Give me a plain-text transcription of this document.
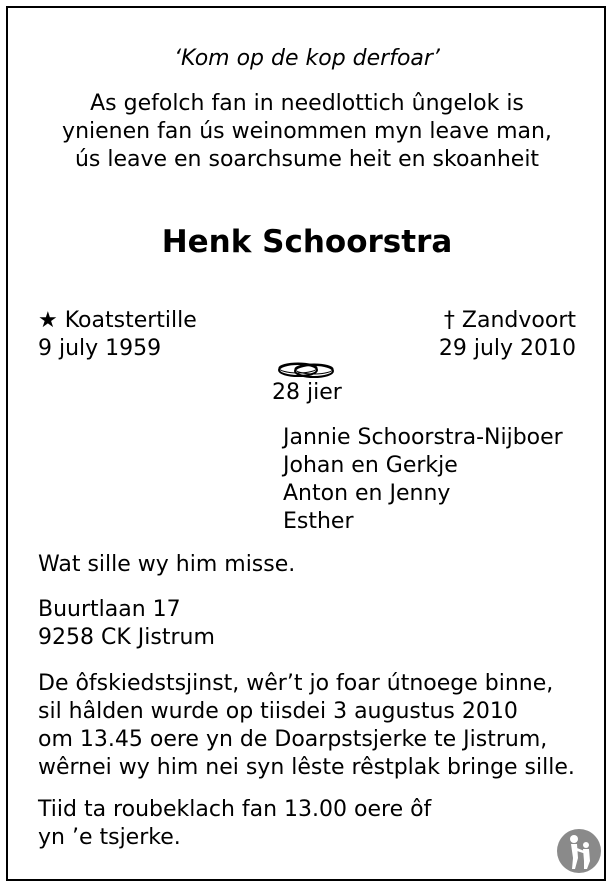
‘Kom op de kop derfoar’
As gefolch fan in needlottich ûngelok is
ynienen fan ús weinommen myn leave man,
ús leave en soarchsume heit en skoanheit
Henk Schoorstra
★ Koatstertille
9 july 1959
† Zandvoort
29 july 2010
28 jier
Jannie Schoorstra-Nijboer
Johan en Gerkje
Anton en Jenny
Esther
Wat sille wy him misse.
Buurtlaan 17
9258 CK Jistrum
De ôfskiedstsjinst, wêr’t jo foar útnoege binne,
sil hâlden wurde op tiisdei 3 augustus 2010
om 13.45 oere yn de Doarpstsjerke te Jistrum,
wêrnei wy him nei syn lêste rêstplak bringe sille.
Tiid ta roubeklach fan 13.00 oere ôf
yn ’e tsjerke.
